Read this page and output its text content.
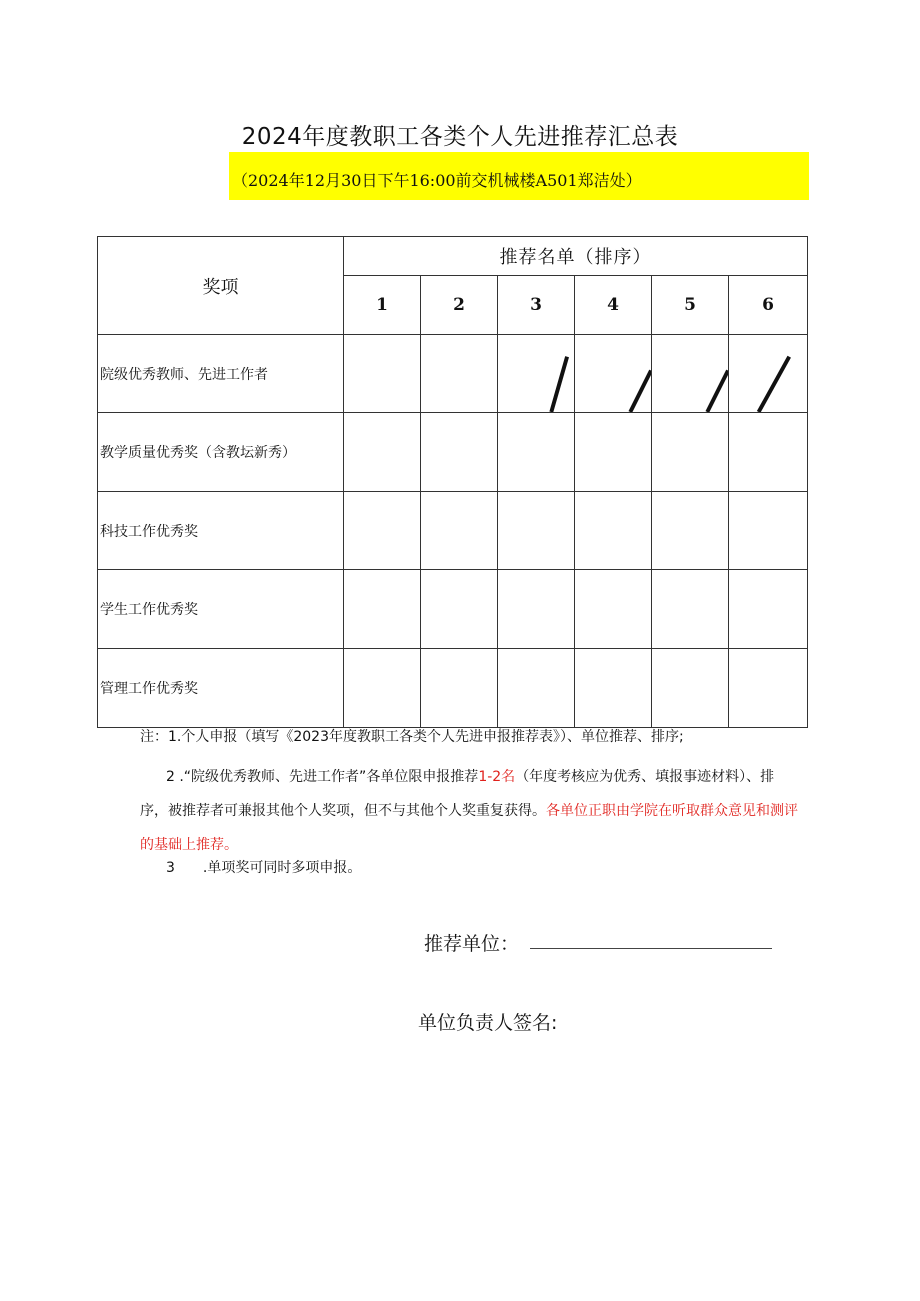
2024年度教职工各类个人先进推荐汇总表
（2024年12月30日下午16:00前交机械楼A501郑洁处）
奖项	推荐名单（排序）					
	1	2	3	4	5	6
院级优秀教师、先进工作者			

教学质量优秀奖（含教坛新秀）						
科技工作优秀奖						
学生工作优秀奖						
管理工作优秀奖						
注：1.个人申报（填写《2023年度教职工各类个人先进申报推荐表》）、单位推荐、排序;
2 .“院级优秀教师、先进工作者”各单位限申报推荐1-2名（年度考核应为优秀、填报事迹材料）、排序，被推荐者可兼报其他个人奖项，但不与其他个人奖重复获得。各单位正职由学院在听取群众意见和测评的基础上推荐。
3　　.单项奖可同时多项申报。
推荐单位：
单位负责人签名:
